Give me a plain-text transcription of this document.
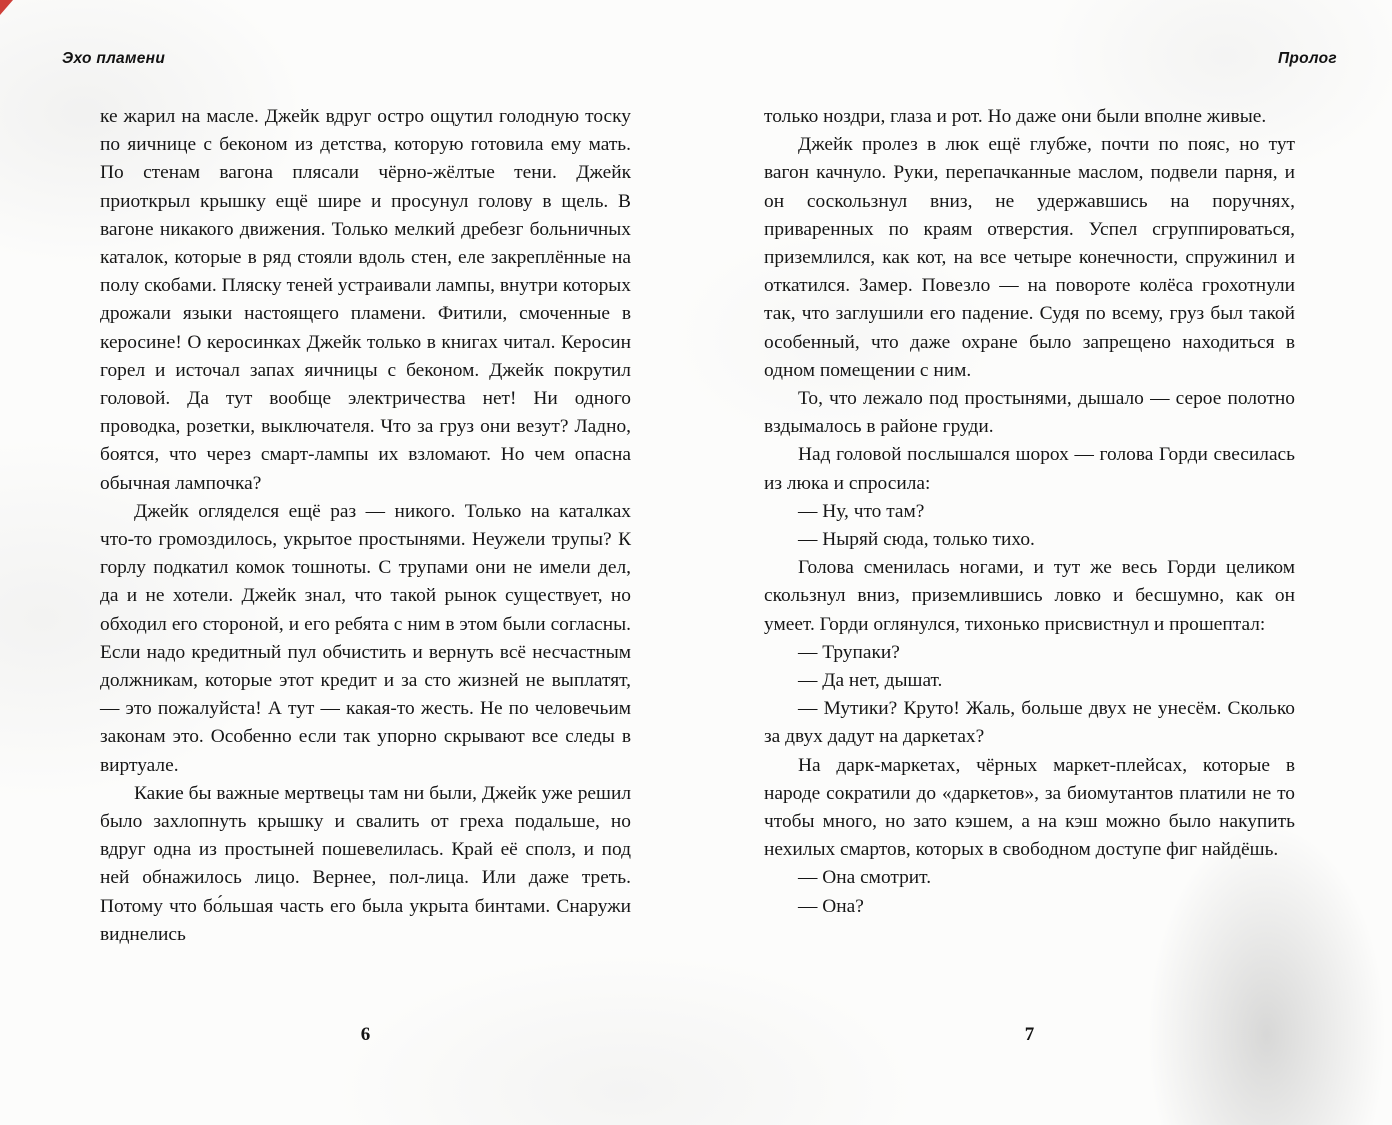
Эхо пламени	Пролог

ке жарил на масле. Джейк вдруг остро ощутил голодную тоску по яичнице с беконом из детства, которую готовила ему мать. По стенам вагона плясали чёрно-жёлтые тени. Джейк приоткрыл крышку ещё шире и просунул голову в щель. В вагоне никакого движения. Только мелкий дребезг больничных каталок, которые в ряд стояли вдоль стен, еле закреплённые на полу скобами. Пляску теней устраивали лампы, внутри которых дрожали языки настоящего пламени. Фитили, смоченные в керосине! О керосинках Джейк только в книгах читал. Керосин горел и источал запах яичницы с беконом. Джейк покрутил головой. Да тут вообще электричества нет! Ни одного проводка, розетки, выключателя. Что за груз они везут? Ладно, боятся, что через смарт-лампы их взломают. Но чем опасна обычная лампочка?

Джейк огляделся ещё раз — никого. Только на каталках что-то громоздилось, укрытое простынями. Неужели трупы? К горлу подкатил комок тошноты. С трупами они не имели дел, да и не хотели. Джейк знал, что такой рынок существует, но обходил его стороной, и его ребята с ним в этом были согласны. Если надо кредитный пул обчистить и вернуть всё несчастным должникам, которые этот кредит и за сто жизней не выплатят, — это пожалуйста! А тут — какая-то жесть. Не по человечьим законам это. Особенно если так упорно скрывают все следы в виртуале.

Какие бы важные мертвецы там ни были, Джейк уже решил было захлопнуть крышку и свалить от греха подальше, но вдруг одна из простыней пошевелилась. Край её сполз, и под ней обнажилось лицо. Вернее, пол-лица. Или даже треть. Потому что бо́льшая часть его была укрыта бинтами. Снаружи виднелись

только ноздри, глаза и рот. Но даже они были вполне живые.

Джейк пролез в люк ещё глубже, почти по пояс, но тут вагон качнуло. Руки, перепачканные маслом, подвели парня, и он соскользнул вниз, не удержавшись на поручнях, приваренных по краям отверстия. Успел сгруппироваться, приземлился, как кот, на все четыре конечности, спружинил и откатился. Замер. Повезло — на повороте колёса грохотнули так, что заглушили его падение. Судя по всему, груз был такой особенный, что даже охране было запрещено находиться в одном помещении с ним.

То, что лежало под простынями, дышало — серое полотно вздымалось в районе груди.

Над головой послышался шорох — голова Горди свесилась из люка и спросила:

— Ну, что там?

— Ныряй сюда, только тихо.

Голова сменилась ногами, и тут же весь Горди целиком скользнул вниз, приземлившись ловко и бесшумно, как он умеет. Горди оглянулся, тихонько присвистнул и прошептал:

— Трупаки?

— Да нет, дышат.

— Мутики? Круто! Жаль, больше двух не унесём. Сколько за двух дадут на даркетах?

На дарк-маркетах, чёрных маркет-плейсах, которые в народе сократили до «даркетов», за биомутантов платили не то чтобы много, но зато кэшем, а на кэш можно было накупить нехилых смартов, которых в свободном доступе фиг найдёшь.

— Она смотрит.

— Она?

6	7
